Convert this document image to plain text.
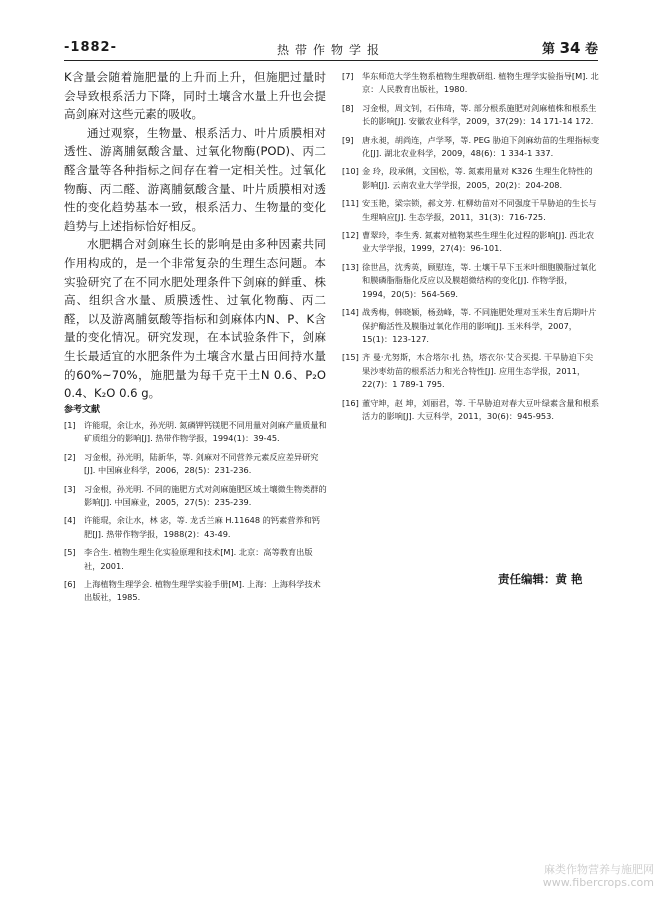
-1882-	热带作物学报	第 34 卷

K含量会随着施肥量的上升而上升，但施肥过量时会导致根系活力下降，同时土壤含水量上升也会提高剑麻对这些元素的吸收。

通过观察，生物量、根系活力、叶片质膜相对透性、游离脯氨酸含量、过氧化物酶(POD)、丙二醛含量等各种指标之间存在着一定相关性。过氧化物酶、丙二醛、游离脯氨酸含量、叶片质膜相对透性的变化趋势基本一致，根系活力、生物量的变化趋势与上述指标恰好相反。

水肥耦合对剑麻生长的影响是由多种因素共同作用构成的，是一个非常复杂的生理生态问题。本实验研究了在不同水肥处理条件下剑麻的鲜重、株高、组织含水量、质膜透性、过氧化物酶、丙二醛，以及游离脯氨酸等指标和剑麻体内N、P、K含量的变化情况。研究发现，在本试验条件下，剑麻生长最适宜的水肥条件为土壤含水量占田间持水量的60%~70%，施肥量为每千克干土N 0.6、P₂O 0.4、K₂O 0.6 g。

参考文献
[1] 许能琨，余让水，孙光明. 氮磷钾钙镁肥不同用量对剑麻产量质量和矿质组分的影响[J]. 热带作物学报，1994(1)：39-45.
[2] 习金根，孙光明，陆新华，等. 剑麻对不同营养元素反应差异研究[J]. 中国麻业科学，2006，28(5)：231-236.
[3] 习金根，孙光明. 不同的施肥方式对剑麻施肥区域土壤微生物类群的影响[J]. 中国麻业，2005，27(5)：235-239.
[4] 许能琨，余让水，林 宓，等. 龙舌兰麻 H.11648 的钙素营养和钙肥[J]. 热带作物学报，1988(2)：43-49.
[5] 李合生. 植物生理生化实验原理和技术[M]. 北京：高等教育出版社，2001.
[6] 上海植物生理学会. 植物生理学实验手册[M]. 上海：上海科学技术出版社，1985.
[7] 华东师范大学生物系植物生理教研组. 植物生理学实验指导[M]. 北京：人民教育出版社，1980.
[8] 习金根，周文钊，石伟琦，等. 部分根系施肥对剑麻植株和根系生长的影响[J]. 安徽农业科学，2009，37(29)：14 171-14 172.
[9] 唐永昶，胡尚连，卢学琴，等. PEG 胁迫下剑麻幼苗的生理指标变化[J]. 湖北农业科学，2009，48(6)：1 334-1 337.
[10] 金 玲，段承俐，文国松，等. 氮素用量对 K326 生理生化特性的影响[J]. 云南农业大学学报，2005，20(2)：204-208.
[11] 安玉艳，梁宗锁，郝文芳. 杠柳幼苗对不同强度干旱胁迫的生长与生理响应[J]. 生态学报，2011，31(3)：716-725.
[12] 曹翠玲，李生秀. 氮素对植物某些生理生化过程的影响[J]. 西北农业大学学报，1999，27(4)：96-101.
[13] 徐世昌，沈秀英，顾慰连，等. 土壤干旱下玉米叶细胞膜脂过氧化和膜磷脂脂脂化反应以及膜超微结构的变化[J]. 作物学报，1994，20(5)：564-569.
[14] 战秀梅，韩晓颖，杨劲峰，等. 不同施肥处理对玉米生育后期叶片保护酶活性及膜脂过氧化作用的影响[J]. 玉米科学，2007，15(1)：123-127.
[15] 齐 曼·尤努斯，木合塔尔·扎 热，塔衣尔·艾合买提. 干旱胁迫下尖果沙枣幼苗的根系活力和光合特性[J]. 应用生态学报，2011，22(7)：1 789-1 795.
[16] 董守坤，赵 坤，刘丽君，等. 干旱胁迫对春大豆叶绿素含量和根系活力的影响[J]. 大豆科学，2011，30(6)：945-953.
责任编辑：黄 艳
麻类作物营养与施肥网
www.fibercrops.com
